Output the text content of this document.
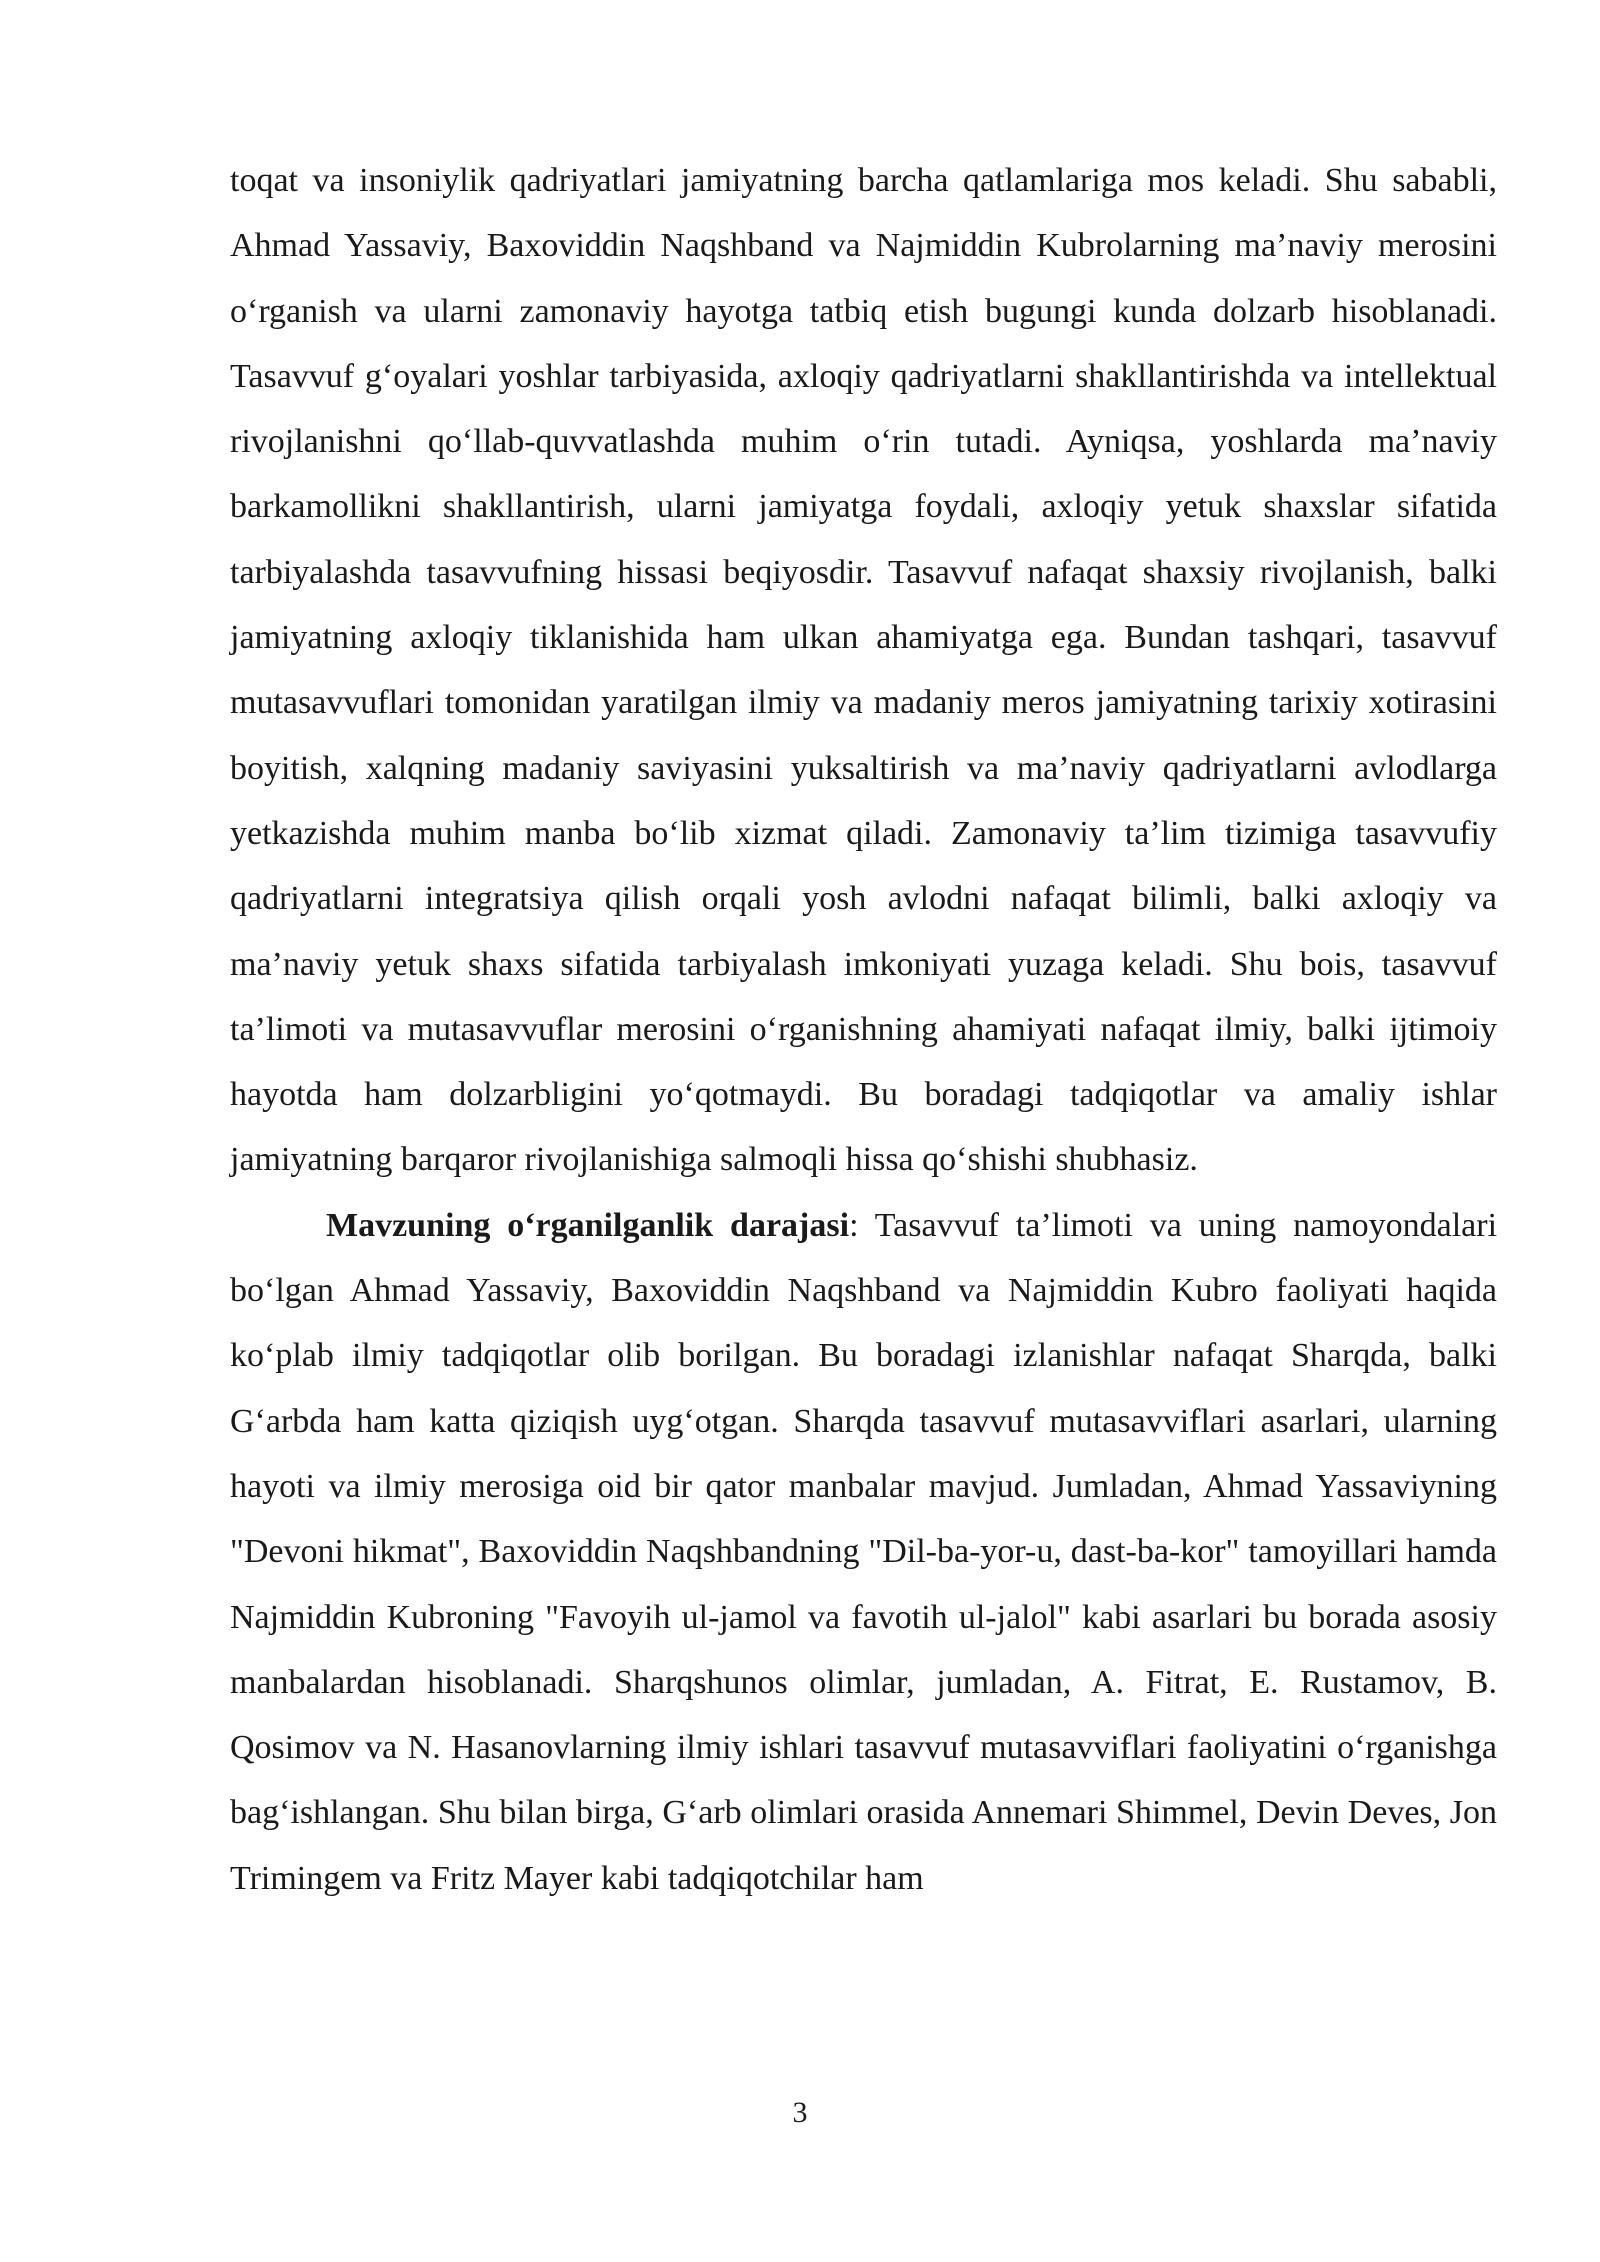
toqat va insoniylik qadriyatlari jamiyatning barcha qatlamlariga mos keladi. Shu sababli, Ahmad Yassaviy, Baxoviddin Naqshband va Najmiddin Kubrolarning ma’naviy merosini o‘rganish va ularni zamonaviy hayotga tatbiq etish bugungi kunda dolzarb hisoblanadi. Tasavvuf g‘oyalari yoshlar tarbiyasida, axloqiy qadriyatlarni shakllantirishda va intellektual rivojlanishni qo‘llab-quvvatlashda muhim o‘rin tutadi. Ayniqsa, yoshlarda ma’naviy barkamollikni shakllantirish, ularni jamiyatga foydali, axloqiy yetuk shaxslar sifatida tarbiyalashda tasavvufning hissasi beqiyosdir. Tasavvuf nafaqat shaxsiy rivojlanish, balki jamiyatning axloqiy tiklanishida ham ulkan ahamiyatga ega. Bundan tashqari, tasavvuf mutasavvuflari tomonidan yaratilgan ilmiy va madaniy meros jamiyatning tarixiy xotirasini boyitish, xalqning madaniy saviyasini yuksaltirish va ma’naviy qadriyatlarni avlodlarga yetkazishda muhim manba bo‘lib xizmat qiladi. Zamonaviy ta’lim tizimiga tasavvufiy qadriyatlarni integratsiya qilish orqali yosh avlodni nafaqat bilimli, balki axloqiy va ma’naviy yetuk shaxs sifatida tarbiyalash imkoniyati yuzaga keladi. Shu bois, tasavvuf ta’limoti va mutasavvuflar merosini o‘rganishning ahamiyati nafaqat ilmiy, balki ijtimoiy hayotda ham dolzarbligini yo‘qotmaydi. Bu boradagi tadqiqotlar va amaliy ishlar jamiyatning barqaror rivojlanishiga salmoqli hissa qo‘shishi shubhasiz.

Mavzuning o‘rganilganlik darajasi: Tasavvuf ta’limoti va uning namoyondalari bo‘lgan Ahmad Yassaviy, Baxoviddin Naqshband va Najmiddin Kubro faoliyati haqida ko‘plab ilmiy tadqiqotlar olib borilgan. Bu boradagi izlanishlar nafaqat Sharqda, balki G‘arbda ham katta qiziqish uyg‘otgan. Sharqda tasavvuf mutasavviflari asarlari, ularning hayoti va ilmiy merosiga oid bir qator manbalar mavjud. Jumladan, Ahmad Yassaviyning "Devoni hikmat", Baxoviddin Naqshbandning "Dil-ba-yor-u, dast-ba-kor" tamoyillari hamda Najmiddin Kubroning "Favoyih ul-jamol va favotih ul-jalol" kabi asarlari bu borada asosiy manbalardan hisoblanadi. Sharqshunos olimlar, jumladan, A. Fitrat, E. Rustamov, B. Qosimov va N. Hasanovlarning ilmiy ishlari tasavvuf mutasavviflari faoliyatini o‘rganishga bag‘ishlangan. Shu bilan birga, G‘arb olimlari orasida Annemari Shimmel, Devin Deves, Jon Trimingem va Fritz Mayer kabi tadqiqotchilar ham

3
